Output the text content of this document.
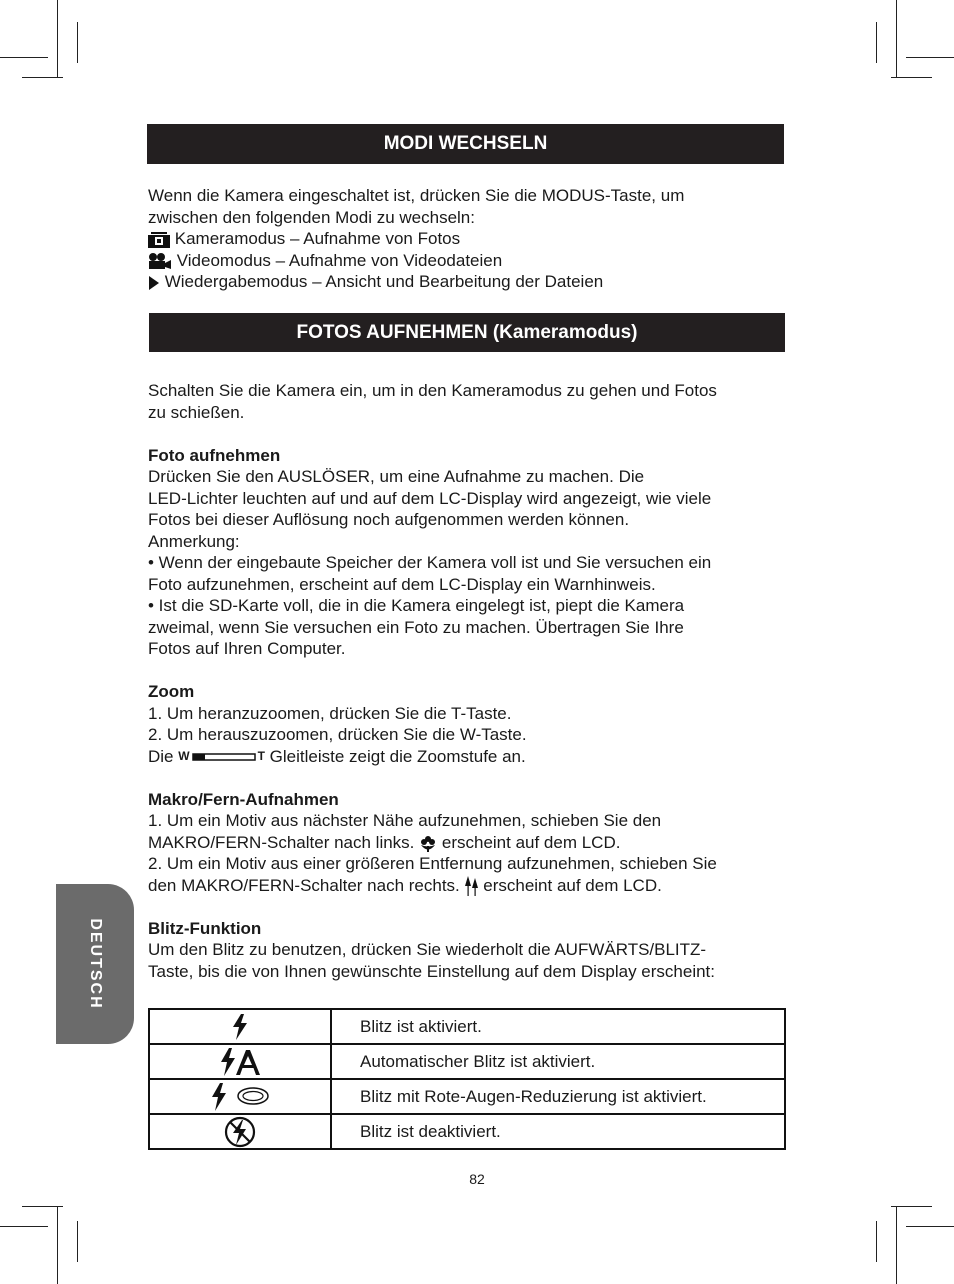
MODI WECHSELN
Wenn die Kamera eingeschaltet ist, drücken Sie die MODUS-Taste, um
zwischen den folgenden Modi zu wechseln:
Kameramodus – Aufnahme von Fotos
Videomodus – Aufnahme von Videodateien
Wiedergabemodus – Ansicht und Bearbeitung der Dateien
FOTOS AUFNEHMEN (Kameramodus)
Schalten Sie die Kamera ein, um in den Kameramodus zu gehen und Fotos
zu schießen.
Foto aufnehmen
Drücken Sie den AUSLÖSER, um eine Aufnahme zu machen. Die
LED-Lichter leuchten auf und auf dem LC-Display wird angezeigt, wie viele
Fotos bei dieser Auflösung noch aufgenommen werden können.
Anmerkung:
• Wenn der eingebaute Speicher der Kamera voll ist und Sie versuchen ein
Foto aufzunehmen, erscheint auf dem LC-Display ein Warnhinweis.
• Ist die SD-Karte voll, die in die Kamera eingelegt ist, piept die Kamera
zweimal, wenn Sie versuchen ein Foto zu machen. Übertragen Sie Ihre
Fotos auf Ihren Computer.
Zoom
1. Um heranzuzoomen, drücken Sie die T-Taste.
2. Um herauszuzoomen, drücken Sie die W-Taste.
Die W	T Gleitleiste zeigt die Zoomstufe an.
Makro/Fern-Aufnahmen
1. Um ein Motiv aus nächster Nähe aufzunehmen, schieben Sie den
MAKRO/FERN-Schalter nach links. erscheint auf dem LCD.
2. Um ein Motiv aus einer größeren Entfernung aufzunehmen, schieben Sie
den MAKRO/FERN-Schalter nach rechts. erscheint auf dem LCD.
Blitz-Funktion
Um den Blitz zu benutzen, drücken Sie wiederholt die AUFWÄRTS/BLITZ-
Taste, bis die von Ihnen gewünschte Einstellung auf dem Display erscheint:
DEUTSCH
	Blitz ist aktiviert.
	Automatischer Blitz ist aktiviert.
	Blitz mit Rote-Augen-Reduzierung ist aktiviert.
	Blitz ist deaktiviert.
82
